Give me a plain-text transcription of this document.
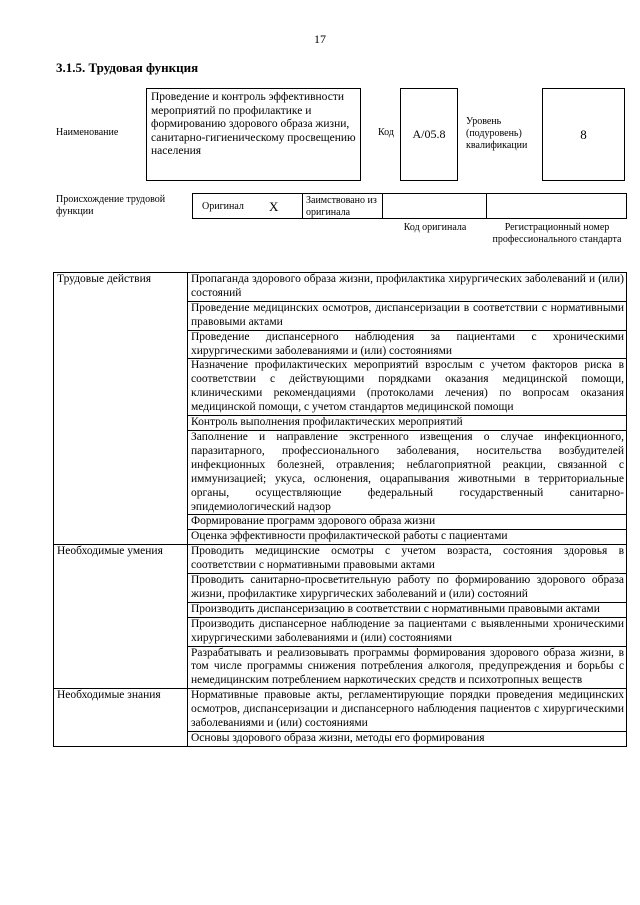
17
3.1.5. Трудовая функция
Наименование
Проведение и контроль эффективности мероприятий по профилактике и формированию здорового образа жизни, санитарно-гигиеническому просвещению населения
Код	A/05.8
Уровень (подуровень) квалификации
8
Происхождение трудовой функции	Оригинал X	Заимствовано из оригинала
Код оригинала	Регистрационный номер профессионального стандарта
Трудовые действия	Пропаганда здорового образа жизни, профилактика хирургических заболеваний и (или) состояний
	Проведение медицинских осмотров, диспансеризации в соответствии с нормативными правовыми актами
	Проведение диспансерного наблюдения за пациентами с хроническими хирургическими заболеваниями и (или) состояниями
	Назначение профилактических мероприятий взрослым с учетом факторов риска в соответствии с действующими порядками оказания медицинской помощи, клиническими рекомендациями (протоколами лечения) по вопросам оказания медицинской помощи, с учетом стандартов медицинской помощи
	Контроль выполнения профилактических мероприятий
	Заполнение и направление экстренного извещения о случае инфекционного, паразитарного, профессионального заболевания, носительства возбудителей инфекционных болезней, отравления; неблагоприятной реакции, связанной с иммунизацией; укуса, ослюнения, оцарапывания животными в территориальные органы, осуществляющие федеральный государственный санитарно-эпидемиологический надзор
	Формирование программ здорового образа жизни
	Оценка эффективности профилактической работы с пациентами
Необходимые умения	Проводить медицинские осмотры с учетом возраста, состояния здоровья в соответствии с нормативными правовыми актами
	Проводить санитарно-просветительную работу по формированию здорового образа жизни, профилактике хирургических заболеваний и (или) состояний
	Производить диспансеризацию в соответствии с нормативными правовыми актами
	Производить диспансерное наблюдение за пациентами с выявленными хроническими хирургическими заболеваниями и (или) состояниями
	Разрабатывать и реализовывать программы формирования здорового образа жизни, в том числе программы снижения потребления алкоголя, предупреждения и борьбы с немедицинским потреблением наркотических средств и психотропных веществ
Необходимые знания	Нормативные правовые акты, регламентирующие порядки проведения медицинских осмотров, диспансеризации и диспансерного наблюдения пациентов с хирургическими заболеваниями и (или) состояниями
	Основы здорового образа жизни, методы его формирования
